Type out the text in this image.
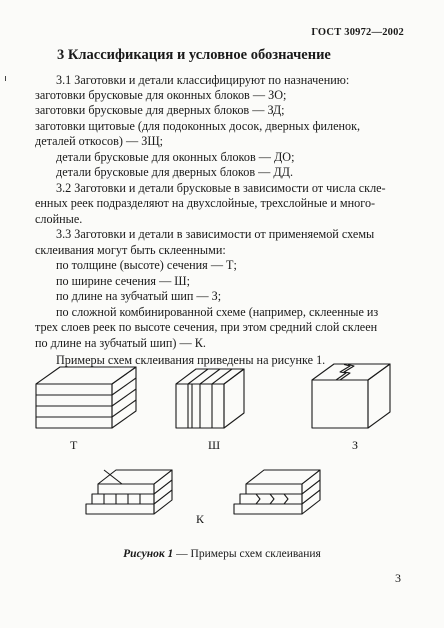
ГОСТ 30972—2002
3 Классификация и условное обозначение
3.1 Заготовки и детали классифицируют по назначению:
заготовки брусковые для оконных блоков — ЗО;
заготовки брусковые для дверных блоков — ЗД;
заготовки щитовые (для подоконных досок, дверных филенок,
деталей откосов) — ЗЩ;
детали брусковые для оконных блоков — ДО;
детали брусковые для дверных блоков — ДД.
3.2 Заготовки и детали брусковые в зависимости от числа скле-
енных реек подразделяют на двухслойные, трехслойные и много-
слойные.
3.3 Заготовки и детали в зависимости от применяемой схемы
склеивания могут быть склеенными:
по толщине (высоте) сечения — Т;
по ширине сечения — Ш;
по длине на зубчатый шип — З;
по сложной комбинированной схеме (например, склеенные из
трех слоев реек по высоте сечения, при этом средний слой склеен
по длине на зубчатый шип) — К.
Примеры схем склеивания приведены на рисунке 1.
Т	Ш	З
К
Рисунок 1 — Примеры схем склеивания
3
